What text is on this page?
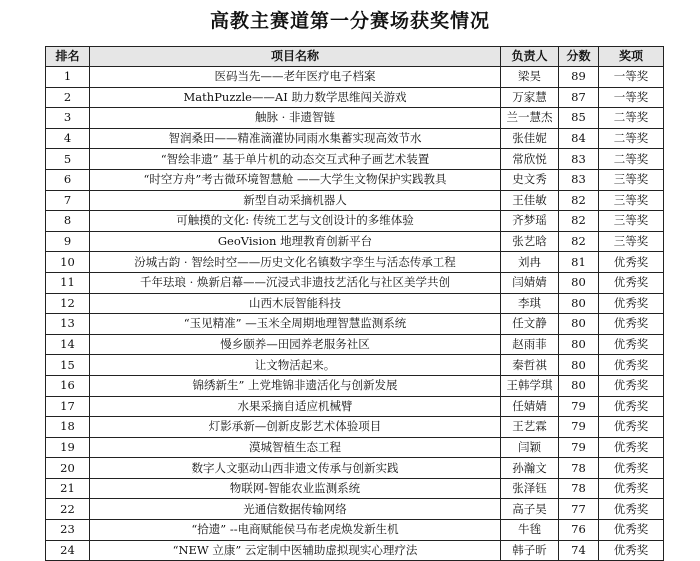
高教主赛道第一分赛场获奖情况
排名	项目名称	负责人	分数	奖项
1	医码当先——老年医疗电子档案	梁昊	89	一等奖
2	MathPuzzle——AI 助力数学思维闯关游戏	万家慧	87	一等奖
3	触脉 · 非遗智链	兰一慧杰	85	二等奖
4	智润桑田——精准滴灌协同雨水集蓄实现高效节水	张佳妮	84	二等奖
5	“智绘非遗” 基于单片机的动态交互式种子画艺术装置	常欣悦	83	二等奖
6	“时空方舟”考古微环境智慧舱 ——大学生文物保护实践教具	史文秀	83	三等奖
7	新型自动采摘机器人	王佳敏	82	三等奖
8	可触摸的文化: 传统工艺与文创设计的多维体验	齐梦瑶	82	三等奖
9	GeoVision 地理教育创新平台	张艺晗	82	三等奖
10	汾城古韵 · 智绘时空——历史文化名镇数字孪生与活态传承工程	刘冉	81	优秀奖
11	千年珐琅 · 焕新启幕——沉浸式非遗技艺活化与社区美学共创	闫婧婧	80	优秀奖
12	山西木辰智能科技	李琪	80	优秀奖
13	“玉见精准” —玉米全周期地理智慧监测系统	任文静	80	优秀奖
14	慢乡颐养—田园养老服务社区	赵雨菲	80	优秀奖
15	让文物活起来。	秦哲祺	80	优秀奖
16	锦绣新生” 上党堆锦非遗活化与创新发展	王韩学琪	80	优秀奖
17	水果采摘自适应机械臂	任婧婧	79	优秀奖
18	灯影承新—创新皮影艺术体验项目	王艺霖	79	优秀奖
19	漠城智植生态工程	闫颖	79	优秀奖
20	数字人文驱动山西非遗文传承与创新实践	孙瀚文	78	优秀奖
21	物联网-智能农业监测系统	张泽钰	78	优秀奖
22	光通信数据传输网络	高子昊	77	优秀奖
23	“拾遗” --电商赋能侯马布老虎焕发新生机	牛毪	76	优秀奖
24	“NEW 立康” 云定制中医辅助虚拟现实心理疗法	韩子昕	74	优秀奖
